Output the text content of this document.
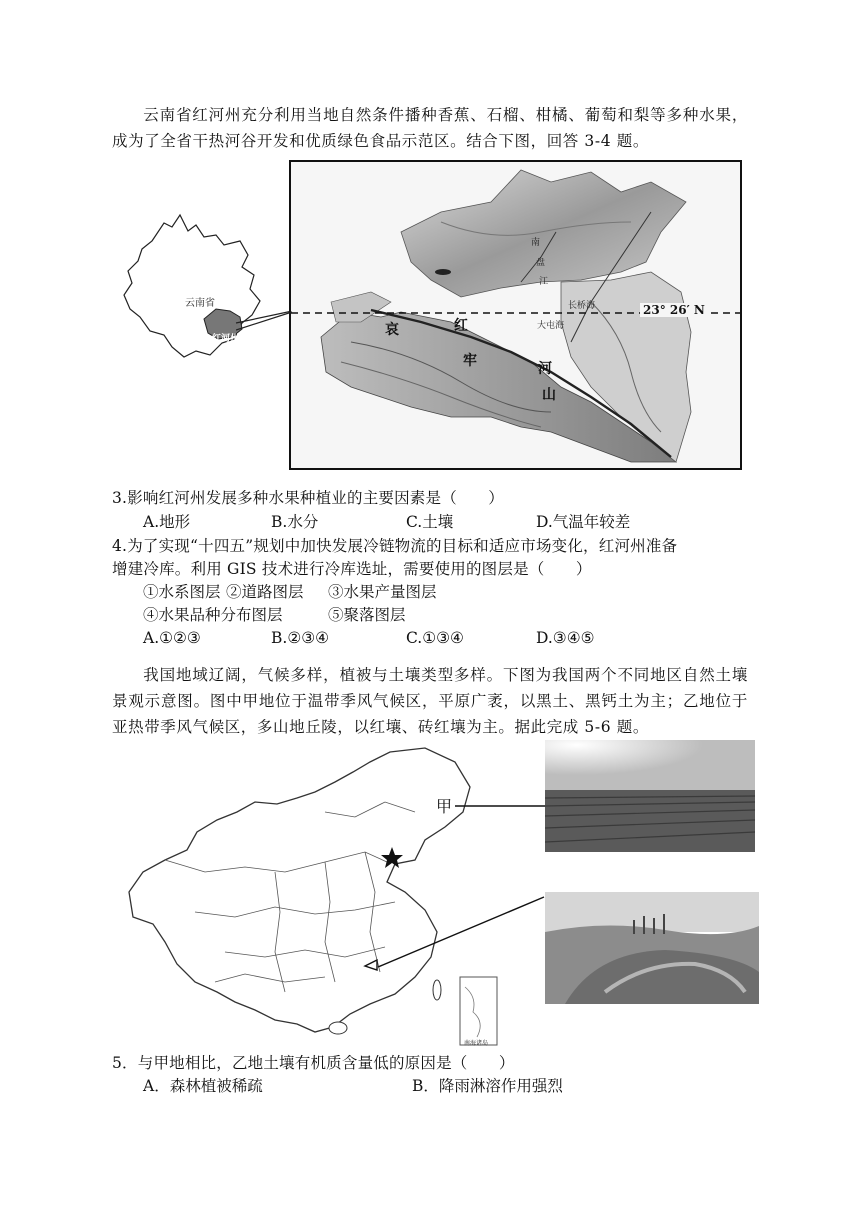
云南省红河州充分利用当地自然条件播种香蕉、石榴、柑橘、葡萄和梨等多种水果，成为了全省干热河谷开发和优质绿色食品示范区。结合下图，回答 3-4 题。
云南省
红河州
哀	红
牢	河
山
23° 26′ N
南
盘
江
长桥海
大屯海
3.影响红河州发展多种水果种植业的主要因素是（　　）
A.地形	B.水分	C.土壤	D.气温年较差
4.为了实现“十四五”规划中加快发展冷链物流的目标和适应市场变化，红河州准备
增建冷库。利用 GIS 技术进行冷库选址，需要使用的图层是（　　）
①水系图层 ②道路图层 ③水果产量图层
④水果品种分布图层	⑤聚落图层
A.①②③	B.②③④	C.①③④	D.③④⑤
我国地域辽阔，气候多样，植被与土壤类型多样。下图为我国两个不同地区自然土壤景观示意图。图中甲地位于温带季风气候区，平原广袤，以黑土、黑钙土为主；乙地位于亚热带季风气候区，多山地丘陵，以红壤、砖红壤为主。据此完成 5-6 题。
南海诸岛
甲
5．与甲地相比，乙地土壤有机质含量低的原因是（　　）
A．森林植被稀疏	B．降雨淋溶作用强烈
